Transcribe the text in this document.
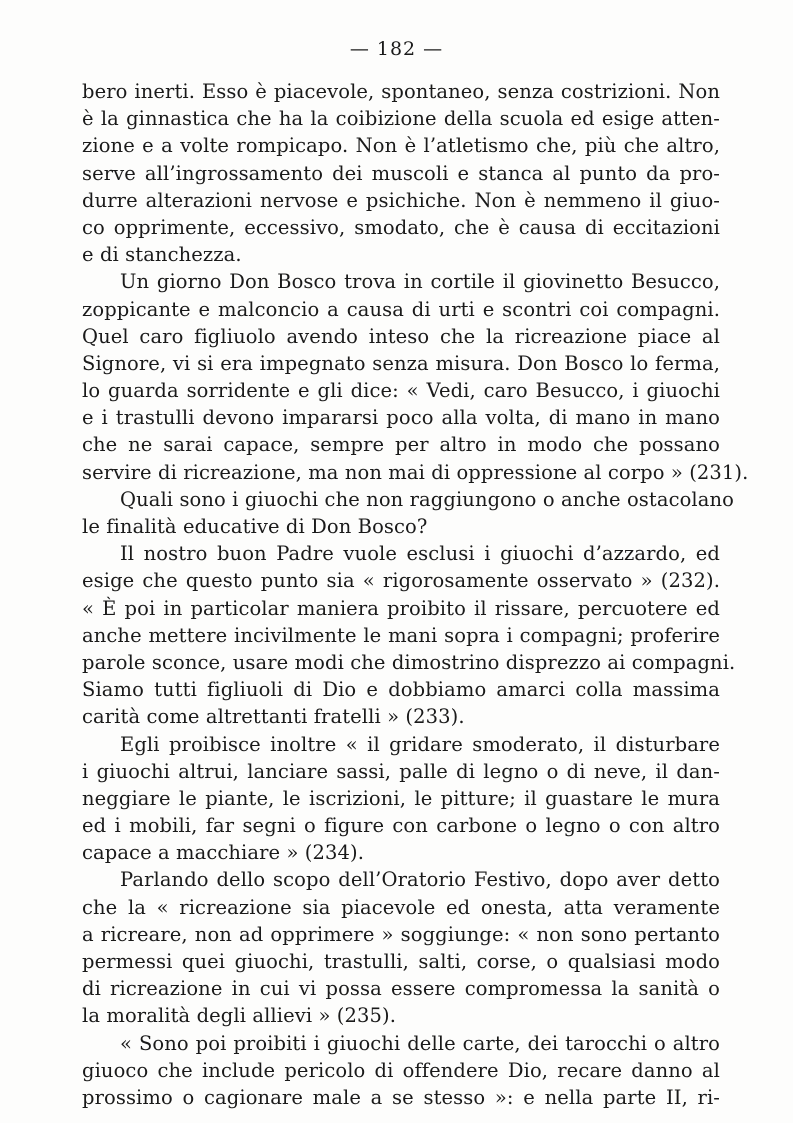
— 182 —
bero inerti. Esso è piacevole, spontaneo, senza costrizioni. Non
è la ginnastica che ha la coibizione della scuola ed esige atten-
zione e a volte rompicapo. Non è l’atletismo che, più che altro,
serve all’ingrossamento dei muscoli e stanca al punto da pro-
durre alterazioni nervose e psichiche. Non è nemmeno il giuo-
co opprimente, eccessivo, smodato, che è causa di eccitazioni
e di stanchezza.
Un giorno Don Bosco trova in cortile il giovinetto Besucco,
zoppicante e malconcio a causa di urti e scontri coi compagni.
Quel caro figliuolo avendo inteso che la ricreazione piace al
Signore, vi si era impegnato senza misura. Don Bosco lo ferma,
lo guarda sorridente e gli dice: « Vedi, caro Besucco, i giuochi
e i trastulli devono impararsi poco alla volta, di mano in mano
che ne sarai capace, sempre per altro in modo che possano
servire di ricreazione, ma non mai di oppressione al corpo » (231).
Quali sono i giuochi che non raggiungono o anche ostacolano
le finalità educative di Don Bosco?
Il nostro buon Padre vuole esclusi i giuochi d’azzardo, ed
esige che questo punto sia « rigorosamente osservato » (232).
« È poi in particolar maniera proibito il rissare, percuotere ed
anche mettere incivilmente le mani sopra i compagni; proferire
parole sconce, usare modi che dimostrino disprezzo ai compagni.
Siamo tutti figliuoli di Dio e dobbiamo amarci colla massima
carità come altrettanti fratelli » (233).
Egli proibisce inoltre « il gridare smoderato, il disturbare
i giuochi altrui, lanciare sassi, palle di legno o di neve, il dan-
neggiare le piante, le iscrizioni, le pitture; il guastare le mura
ed i mobili, far segni o figure con carbone o legno o con altro
capace a macchiare » (234).
Parlando dello scopo dell’Oratorio Festivo, dopo aver detto
che la « ricreazione sia piacevole ed onesta, atta veramente
a ricreare, non ad opprimere » soggiunge: « non sono pertanto
permessi quei giuochi, trastulli, salti, corse, o qualsiasi modo
di ricreazione in cui vi possa essere compromessa la sanità o
la moralità degli allievi » (235).
« Sono poi proibiti i giuochi delle carte, dei tarocchi o altro
giuoco che include pericolo di offendere Dio, recare danno al
prossimo o cagionare male a se stesso »: e nella parte II, ri-
